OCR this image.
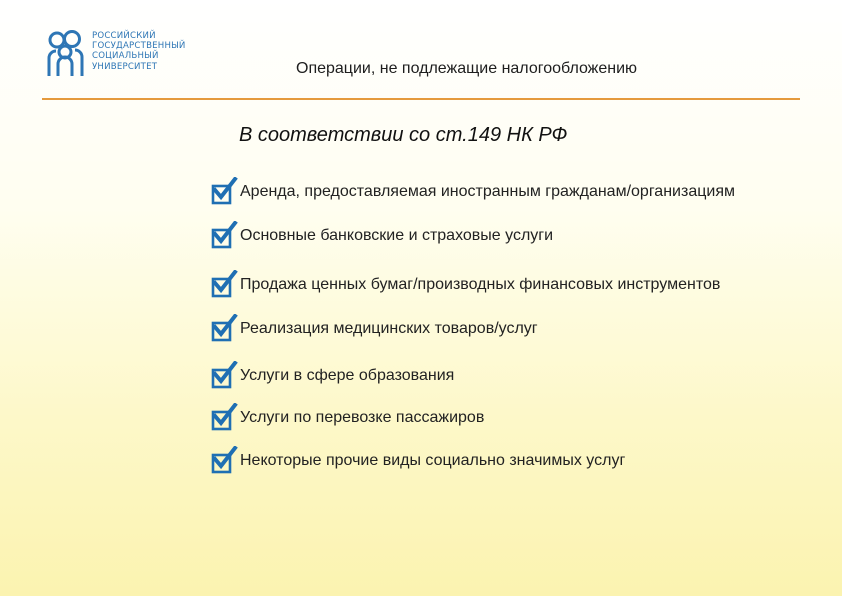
РОССИЙСКИЙ
ГОСУДАРСТВЕННЫЙ
СОЦИАЛЬНЫЙ
УНИВЕРСИТЕТ	Операции, не подлежащие налогообложению
В соответствии со ст.149 НК РФ
Аренда, предоставляемая иностранным гражданам/организациям
Основные банковские и страховые услуги
Продажа ценных бумаг/производных финансовых инструментов
Реализация медицинских товаров/услуг
Услуги в сфере образования
Услуги по перевозке пассажиров
Некоторые прочие виды социально значимых услуг
